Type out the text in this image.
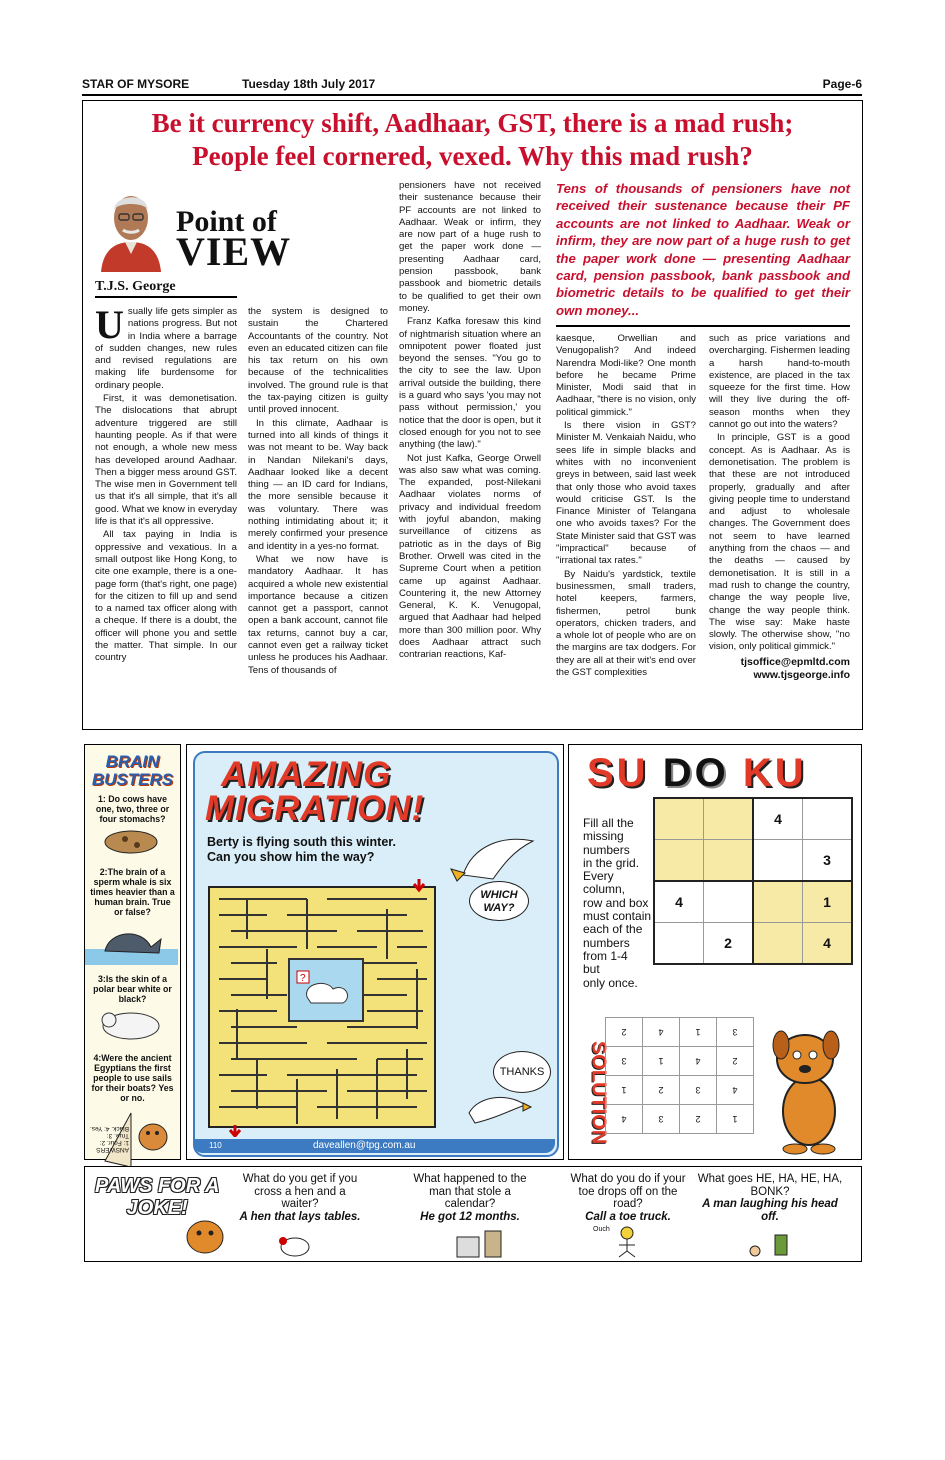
STAR OF MYSORE	Tuesday 18th July 2017	Page-6
Be it currency shift, Aadhaar, GST, there is a mad rush;
People feel cornered, vexed. Why this mad rush?
Point of
VIEW
T.J.S. George

Usually life gets simpler as nations progress. But not in India where a barrage of sudden changes, new rules and revised regulations are making life burdensome for ordinary people.

First, it was demonetisation. The dislocations that abrupt adventure triggered are still haunting people. As if that were not enough, a whole new mess has developed around Aadhaar. Then a bigger mess around GST. The wise men in Government tell us that it's all simple, that it's all good. What we know in everyday life is that it's all oppressive.

All tax paying in India is oppressive and vexatious. In a small outpost like Hong Kong, to cite one example, there is a one-page form (that's right, one page) for the citizen to fill up and send to a named tax officer along with a cheque. If there is a doubt, the officer will phone you and settle the matter. That simple. In our country

the system is designed to sustain the Chartered Accountants of the country. Not even an educated citizen can file his tax return on his own because of the technicalities involved. The ground rule is that the tax-paying citizen is guilty until proved innocent.

In this climate, Aadhaar is turned into all kinds of things it was not meant to be. Way back in Nandan Nilekani's days, Aadhaar looked like a decent thing — an ID card for Indians, the more sensible because it was voluntary. There was nothing intimidating about it; it merely confirmed your presence and identity in a yes-no format.

What we now have is mandatory Aadhaar. It has acquired a whole new existential importance because a citizen cannot get a passport, cannot open a bank account, cannot file tax returns, cannot buy a car, cannot even get a railway ticket unless he produces his Aadhaar. Tens of thousands of

pensioners have not received their sustenance because their PF accounts are not linked to Aadhaar. Weak or infirm, they are now part of a huge rush to get the paper work done — presenting Aadhaar card, pension passbook, bank passbook and biometric details to be qualified to get their own money.

Franz Kafka foresaw this kind of nightmarish situation where an omnipotent power floated just beyond the senses. "You go to the city to see the law. Upon arrival outside the building, there is a guard who says 'you may not pass without permission,' you notice that the door is open, but it closed enough for you not to see anything (the law)."

Not just Kafka, George Orwell was also saw what was coming. The expanded, post-Nilekani Aadhaar violates norms of privacy and individual freedom with joyful abandon, making surveillance of citizens as patriotic as in the days of Big Brother. Orwell was cited in the Supreme Court when a petition came up against Aadhaar. Countering it, the new Attorney General, K. K. Venugopal, argued that Aadhaar had helped more than 300 million poor. Why does Aadhaar attract such contrarian reactions, Kaf-

Tens of thousands of pensioners have not received their sustenance because their PF accounts are not linked to Aadhaar. Weak or infirm, they are now part of a huge rush to get the paper work done — presenting Aadhaar card, pension passbook, bank passbook and biometric details to be qualified to get their own money...

kaesque, Orwellian and Venugopalish? And indeed Narendra Modi-like? One month before he became Prime Minister, Modi said that in Aadhaar, "there is no vision, only political gimmick."

Is there vision in GST? Minister M. Venkaiah Naidu, who sees life in simple blacks and whites with no inconvenient greys in between, said last week that only those who avoid taxes would criticise GST. Is the Finance Minister of Telangana one who avoids taxes? For the State Minister said that GST was "impractical" because of "irrational tax rates."

By Naidu's yardstick, textile businessmen, small traders, hotel keepers, farmers, fishermen, petrol bunk operators, chicken traders, and a whole lot of people who are on the margins are tax dodgers. For they are all at their wit's end over the GST complexities

such as price variations and overcharging. Fishermen leading a harsh hand-to-mouth existence, are placed in the tax squeeze for the first time. How will they live during the off-season months when they cannot go out into the waters?

In principle, GST is a good concept. As is Aadhaar. As is demonetisation. The problem is that these are not introduced properly, gradually and after giving people time to understand and adjust to wholesale changes. The Government does not seem to have learned anything from the chaos — and the deaths — caused by demonetisation. It is still in a mad rush to change the country, change the way people live, change the way people think. The wise say: Make haste slowly. The otherwise show, "no vision, only political gimmick."

tjsoffice@epmltd.com
www.tjsgeorge.info
BRAIN
BUSTERS
1: Do cows have one, two, three or four stomachs?
2:The brain of a sperm whale is six times heavier than a human brain. True or false?
3:Is the skin of a polar bear white or black?
4:Were the ancient Egyptians the first people to use sails for their boats? Yes or no.
ANSWERS
1: Four. 2: True. 3: Black. 4: Yes.
AMAZING
MIGRATION!
Berty is flying south this winter.
Can you show him the way?
?
WHICH
WAY?
THANKS
110	daveallen@tpg.com.au
SU DO KU
Fill all the
missing
numbers
in the grid.
Every
column,
row and box
must contain
each of the
numbers
from 1-4
but
only once.
		4	
			3
4			1
	2		4
SOLUTION	1	2	3	4
4	3	2	1
2	4	1	3
3	1	4	2
PAWS FOR A
JOKE!
What do you get if you cross a hen and a waiter?
A hen that lays tables.
What happened to the man that stole a calendar?
He got 12 months.
What do you do if your toe drops off on the road?
Call a toe truck.
Ouch
What goes HE, HA, HE, HA, BONK?
A man laughing his head off.
